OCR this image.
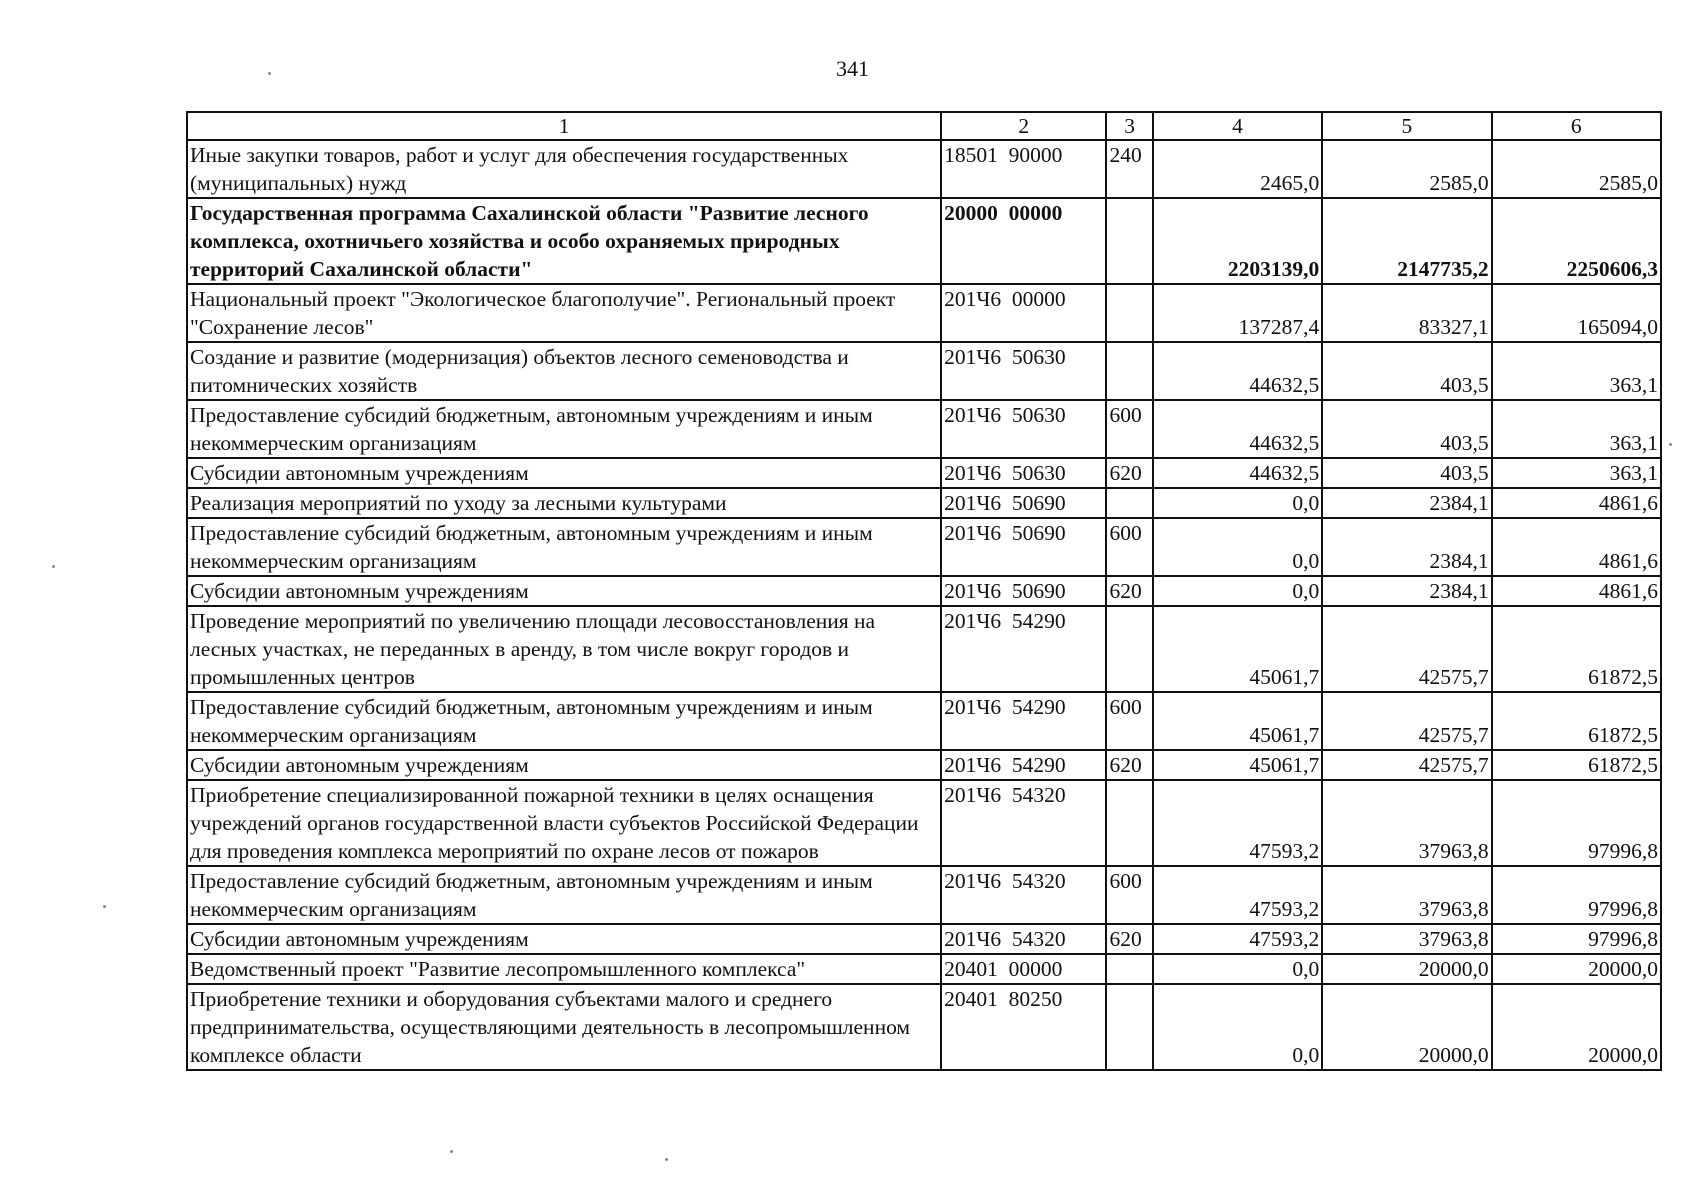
341
1	2	3	4	5	6
Иные закупки товаров, работ и услуг для обеспечения государственных (муниципальных) нужд	18501  90000	240	2465,0	2585,0	2585,0
Государственная программа Сахалинской области "Развитие лесного комплекса, охотничьего хозяйства и особо охраняемых природных территорий Сахалинской области"	20000  00000		2203139,0	2147735,2	2250606,3
Национальный проект "Экологическое благополучие". Региональный проект "Сохранение лесов"	201Ч6  00000		137287,4	83327,1	165094,0
Создание и развитие (модернизация) объектов лесного семеноводства и питомнических хозяйств	201Ч6  50630		44632,5	403,5	363,1
Предоставление субсидий бюджетным, автономным учреждениям и иным некоммерческим организациям	201Ч6  50630	600	44632,5	403,5	363,1
Субсидии автономным учреждениям	201Ч6  50630	620	44632,5	403,5	363,1
Реализация мероприятий по уходу за лесными культурами	201Ч6  50690		0,0	2384,1	4861,6
Предоставление субсидий бюджетным, автономным учреждениям и иным некоммерческим организациям	201Ч6  50690	600	0,0	2384,1	4861,6
Субсидии автономным учреждениям	201Ч6  50690	620	0,0	2384,1	4861,6
Проведение мероприятий по увеличению площади лесовосстановления на лесных участках, не переданных в аренду, в том числе вокруг городов и промышленных центров	201Ч6  54290		45061,7	42575,7	61872,5
Предоставление субсидий бюджетным, автономным учреждениям и иным некоммерческим организациям	201Ч6  54290	600	45061,7	42575,7	61872,5
Субсидии автономным учреждениям	201Ч6  54290	620	45061,7	42575,7	61872,5
Приобретение специализированной пожарной техники в целях оснащения учреждений органов государственной власти субъектов Российской Федерации для проведения комплекса мероприятий по охране лесов от пожаров	201Ч6  54320		47593,2	37963,8	97996,8
Предоставление субсидий бюджетным, автономным учреждениям и иным некоммерческим организациям	201Ч6  54320	600	47593,2	37963,8	97996,8
Субсидии автономным учреждениям	201Ч6  54320	620	47593,2	37963,8	97996,8
Ведомственный проект "Развитие лесопромышленного комплекса"	20401  00000		0,0	20000,0	20000,0
Приобретение техники и оборудования субъектами малого и среднего предпринимательства, осуществляющими деятельность в лесопромышленном комплексе области	20401  80250		0,0	20000,0	20000,0
